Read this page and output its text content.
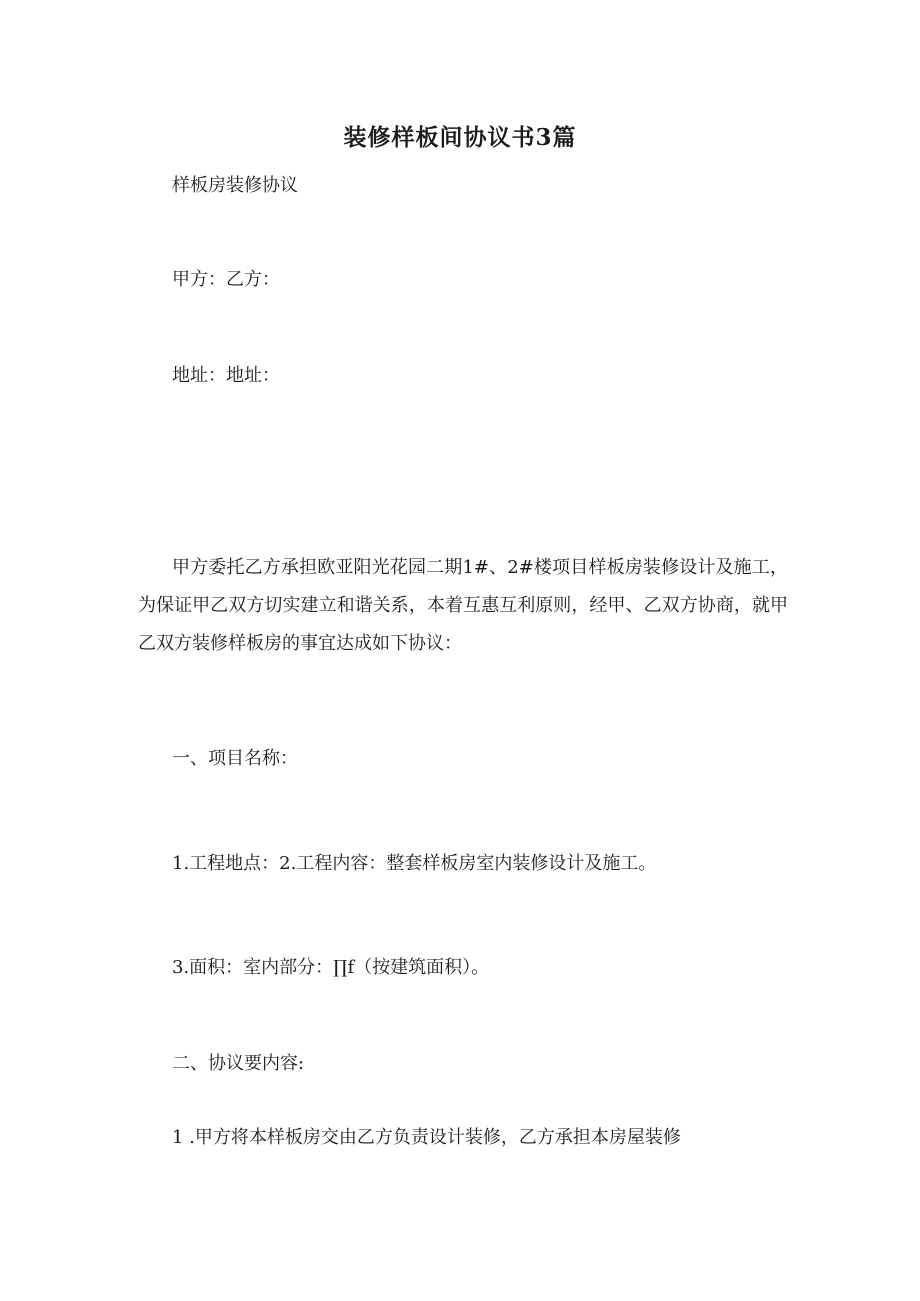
装修样板间协议书3篇
样板房装修协议
甲方：乙方：
地址：地址：
甲方委托乙方承担欧亚阳光花园二期1#、2#楼项目样板房装修设计及施工，为保证甲乙双方切实建立和谐关系，本着互惠互利原则，经甲、乙双方协商，就甲乙双方装修样板房的事宜达成如下协议：
一、项目名称：
1.工程地点：2.工程内容：整套样板房室内装修设计及施工。
3.面积：室内部分：∏f（按建筑面积）。
二、协议要内容:
1 .甲方将本样板房交由乙方负责设计装修，乙方承担本房屋装修
